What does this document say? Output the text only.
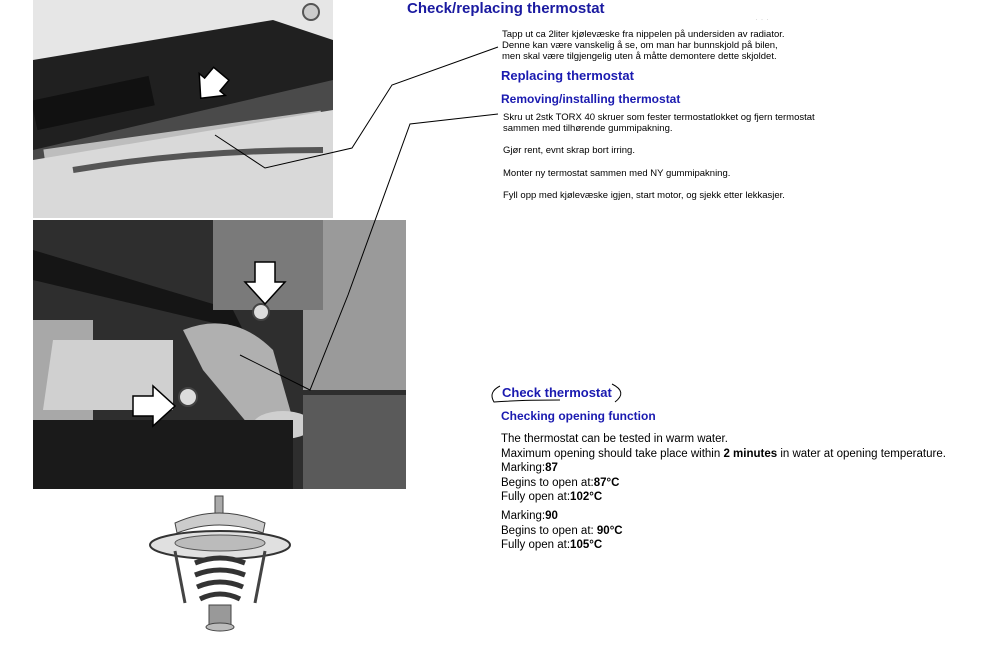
· · ·
Check/replacing thermostat
Tapp ut ca 2liter kjølevæske fra nippelen på undersiden av radiator.
Denne kan være vanskelig å se, om man har bunnskjold på bilen,
men skal være tilgjengelig uten å måtte demontere dette skjoldet.
Replacing thermostat
Removing/installing thermostat
Skru ut 2stk TORX 40 skruer som fester termostatlokket og fjern termostat
sammen med tilhørende gummipakning.
Gjør rent, evnt skrap bort irring.
Monter ny termostat sammen med NY gummipakning.
Fyll opp med kjølevæske igjen, start motor, og sjekk etter lekkasjer.
Check thermostat
Checking opening function
The thermostat can be tested in warm water.
Maximum opening should take place within 2 minutes in water at opening temperature.
Marking:87
Begins to open at:87°C
Fully open at:102°C
Marking:90
Begins to open at: 90°C
Fully open at:105°C
